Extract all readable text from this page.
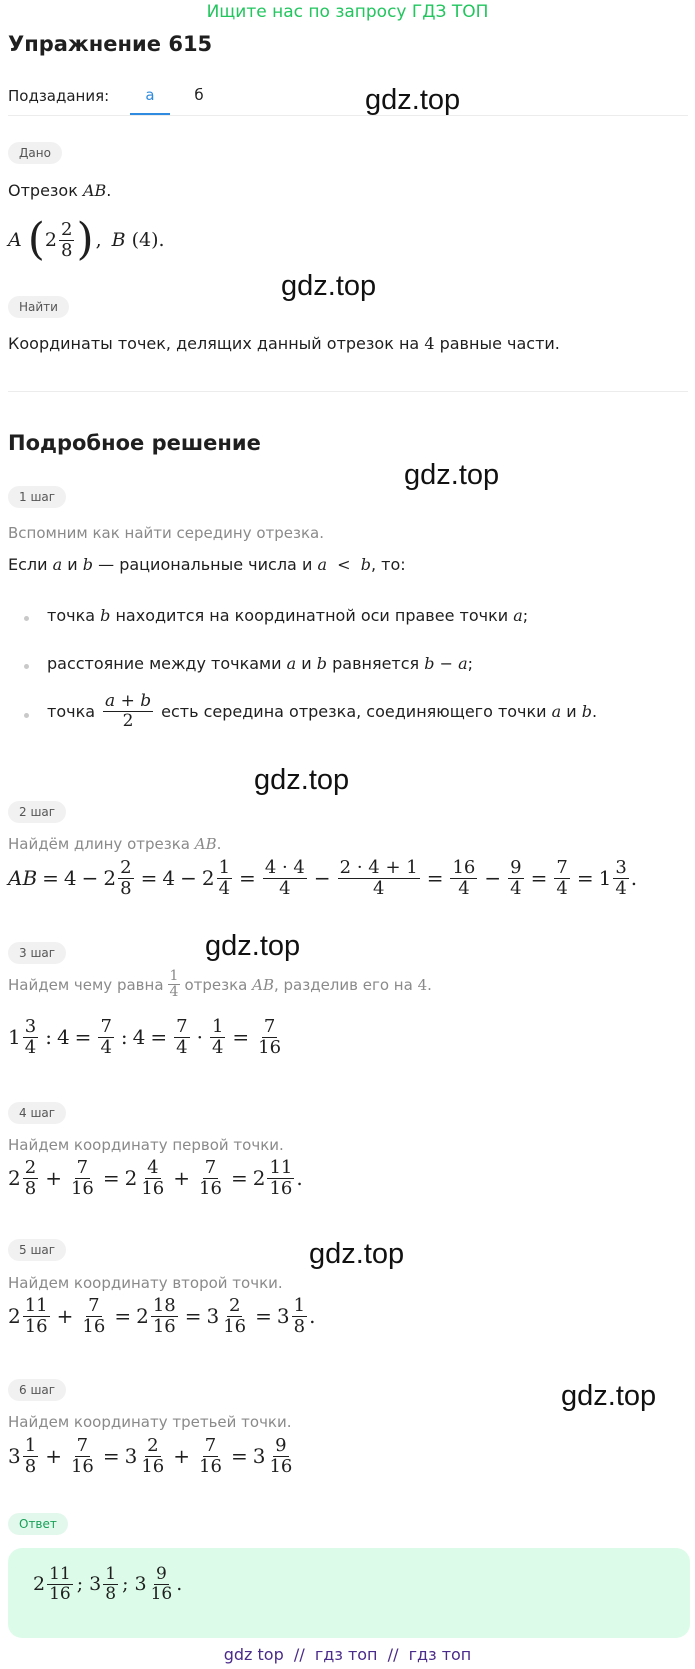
Ищите нас по запросу ГДЗ ТОП
Упражнение 615
Подзадания:	а	б	gdz.top
gdz.top
gdz.top
gdz.top
gdz.top
gdz.top
gdz.top
Дано
Отрезок AB.
A ( $2 \frac{2}{8}$ ) , B (4).
Найти
Координаты точек, делящих данный отрезок на 4 равные части.
Подробное решение
1 шаг
Вспомним как найти середину отрезка.
Если a и b — рациональные числа и a < b, то:
точка b находится на координатной оси правее точки a;
расстояние между точками a и b равняется b − a;
точка $\frac{a + b}{2}$ есть середина отрезка, соединяющего точки
a
и
b .
2 шаг
Найдём длину отрезка AB.
AB = $4 - 2 \frac{2}{8} = 4 - 2 \frac{1}{4} = \frac{4 \cdot 4}{4} - \frac{2 \cdot 4 + 1}{4} = \frac{16}{4} - \frac{9}{4} = \frac{7}{4} = 1 \frac{3}{4}$ .
3 шаг
Найдем чему равна $\frac{1}{4}$ отрезка
AB , разделив его на
4 .
$1 \frac{3}{4}$ : $4 = \frac{7}{4}$ : $4 = \frac{7}{4} \cdot \frac{1}{4} = \frac{7}{16}$
4 шаг
Найдем координату первой точки.
$2 \frac{2}{8} + \frac{7}{16} = 2 \frac{4}{16} + \frac{7}{16} = 2 \frac{11}{16}$ .
5 шаг
Найдем координату второй точки.
$2 \frac{11}{16} + \frac{7}{16} = 2 \frac{18}{16} = 3 \frac{2}{16} = 3 \frac{1}{8}$ .
6 шаг
Найдем координату третьей точки.
$3 \frac{1}{8} + \frac{7}{16} = 3 \frac{2}{16} + \frac{7}{16} = 3 \frac{9}{16}$
Ответ
$2 \frac{11}{16}$ ; $3 \frac{1}{8}$ ; $3 \frac{9}{16}$ .
gdz top  //  гдз топ  //  гдз топ
